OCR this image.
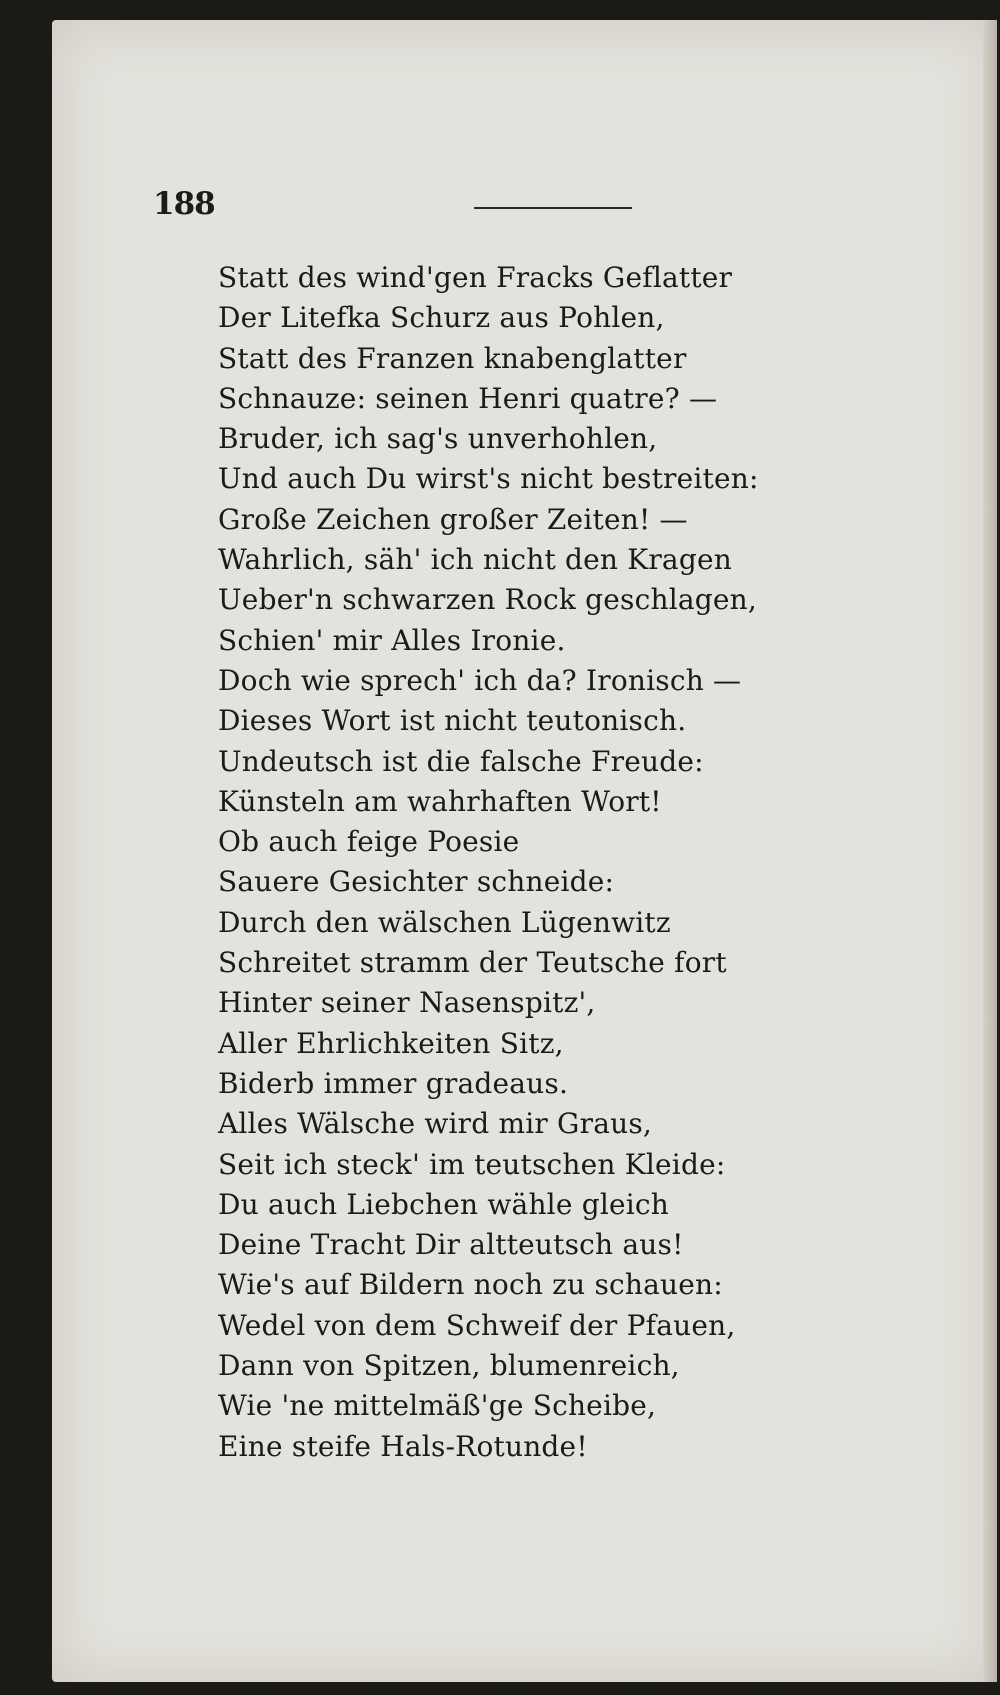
188
Statt des wind'gen Fracks Geflatter
Der Litefka Schurz aus Pohlen,
Statt des Franzen knabenglatter
Schnauze: seinen Henri quatre? —
Bruder, ich sag's unverhohlen,
Und auch Du wirst's nicht bestreiten:
Große Zeichen großer Zeiten! —
Wahrlich, säh' ich nicht den Kragen
Ueber'n schwarzen Rock geschlagen,
Schien' mir Alles Ironie.
Doch wie sprech' ich da? Ironisch —
Dieses Wort ist nicht teutonisch.
Undeutsch ist die falsche Freude:
Künsteln am wahrhaften Wort!
Ob auch feige Poesie
Sauere Gesichter schneide:
Durch den wälschen Lügenwitz
Schreitet stramm der Teutsche fort
Hinter seiner Nasenspitz',
Aller Ehrlichkeiten Sitz,
Biderb immer gradeaus.
Alles Wälsche wird mir Graus,
Seit ich steck' im teutschen Kleide:
Du auch Liebchen wähle gleich
Deine Tracht Dir altteutsch aus!
Wie's auf Bildern noch zu schauen:
Wedel von dem Schweif der Pfauen,
Dann von Spitzen, blumenreich,
Wie 'ne mittelmäß'ge Scheibe,
Eine steife Hals-Rotunde!
